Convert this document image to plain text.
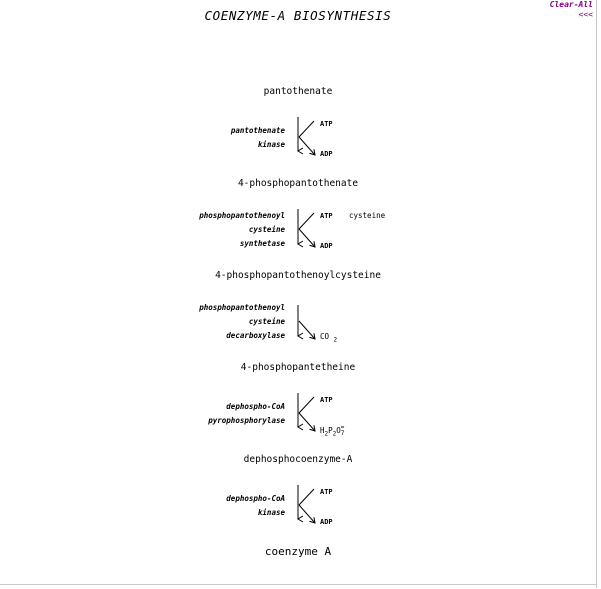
COENZYME-A BIOSYNTHESIS
Clear-All
<<<
pantothenate
4-phosphopantothenate
4-phosphopantothenoylcysteine
4-phosphopantetheine
dephosphocoenzyme-A
coenzyme A
pantothenate
kinase
ATP
ADP
phosphopantothenoyl
cysteine
synthetase
ATP cysteine
ADP
phosphopantothenoyl
cysteine
decarboxylase	CO $_2$
dephospho-CoA
pyrophosphorylase
ATP
$H_2P_2O$ =
7
dephospho-CoA
kinase
ATP
ADP
